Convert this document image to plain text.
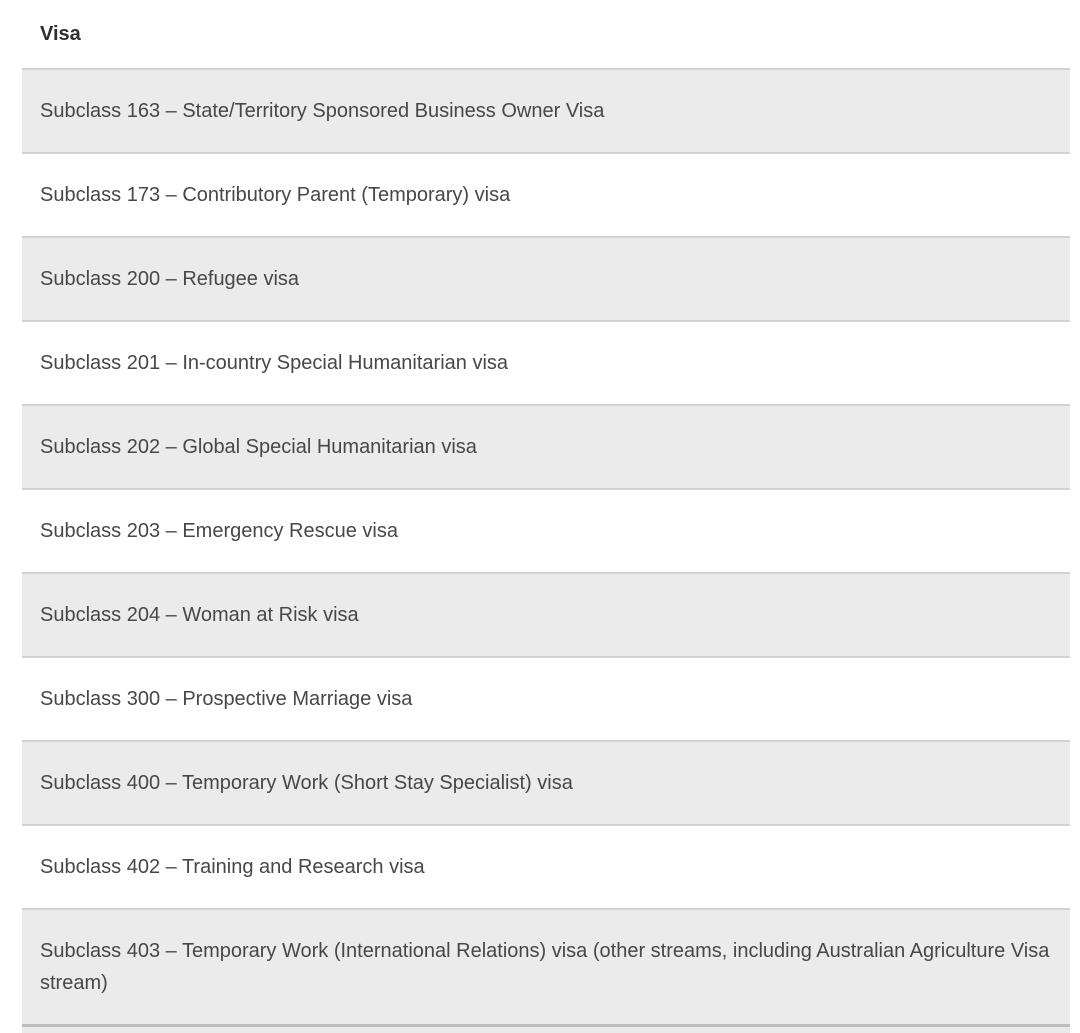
Visa
Subclass 163 – State/Territory Sponsored Business Owner Visa
Subclass 173 – Contributory Parent (Temporary) visa
Subclass 200 – Refugee visa
Subclass 201 – In-country Special Humanitarian visa
Subclass 202 – Global Special Humanitarian visa
Subclass 203 – Emergency Rescue visa
Subclass 204 – Woman at Risk visa
Subclass 300 – Prospective Marriage visa
Subclass 400 – Temporary Work (Short Stay Specialist) visa
Subclass 402 – Training and Research visa
Subclass 403 – Temporary Work (International Relations) visa (other streams, including Australian Agriculture Visa stream)
